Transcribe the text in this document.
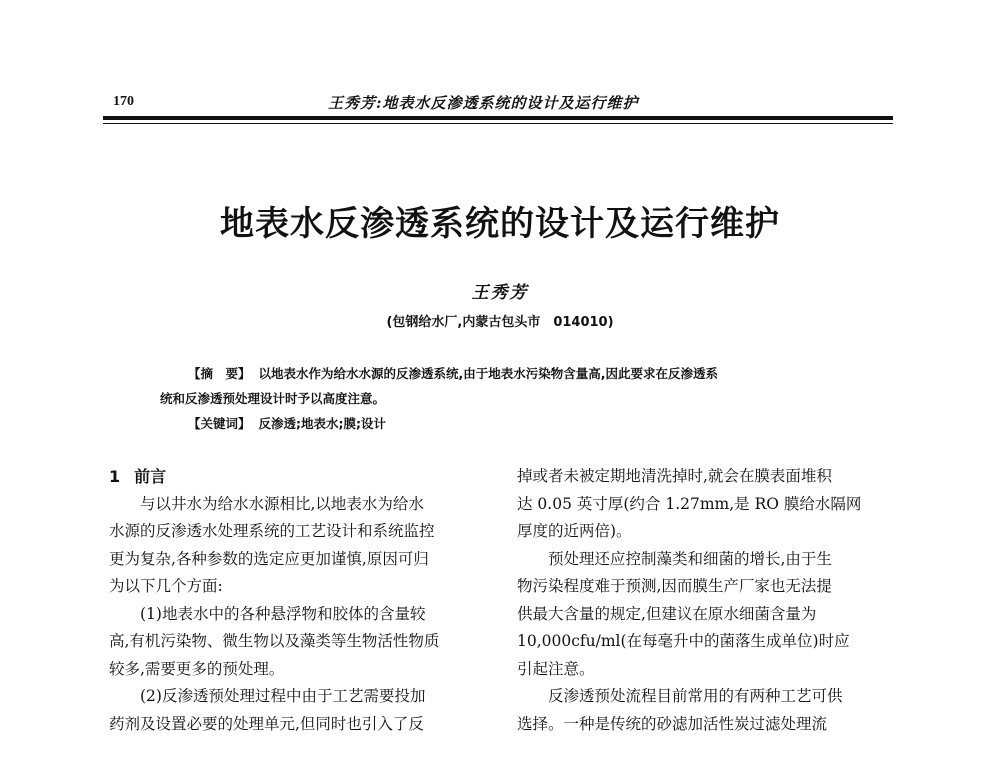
170	王秀芳:地表水反渗透系统的设计及运行维护
地表水反渗透系统的设计及运行维护
王秀芳
(包钢给水厂,内蒙古包头市　014010)
【摘　要】 以地表水作为给水水源的反渗透系统,由于地表水污染物含量高,因此要求在反渗透系
统和反渗透预处理设计时予以高度注意。
【关键词】 反渗透;地表水;膜;设计
1 前言
与以井水为给水水源相比,以地表水为给水
水源的反渗透水处理系统的工艺设计和系统监控
更为复杂,各种参数的选定应更加谨慎,原因可归
为以下几个方面:
(1)地表水中的各种悬浮物和胶体的含量较
高,有机污染物、微生物以及藻类等生物活性物质
较多,需要更多的预处理。
(2)反渗透预处理过程中由于工艺需要投加
药剂及设置必要的处理单元,但同时也引入了反
掉或者未被定期地清洗掉时,就会在膜表面堆积
达 0.05 英寸厚(约合 1.27mm,是 RO 膜给水隔网
厚度的近两倍)。
预处理还应控制藻类和细菌的增长,由于生
物污染程度难于预测,因而膜生产厂家也无法提
供最大含量的规定,但建议在原水细菌含量为
10,000cfu/ml(在每毫升中的菌落生成单位)时应
引起注意。
反渗透预处流程目前常用的有两种工艺可供
选择。一种是传统的砂滤加活性炭过滤处理流
